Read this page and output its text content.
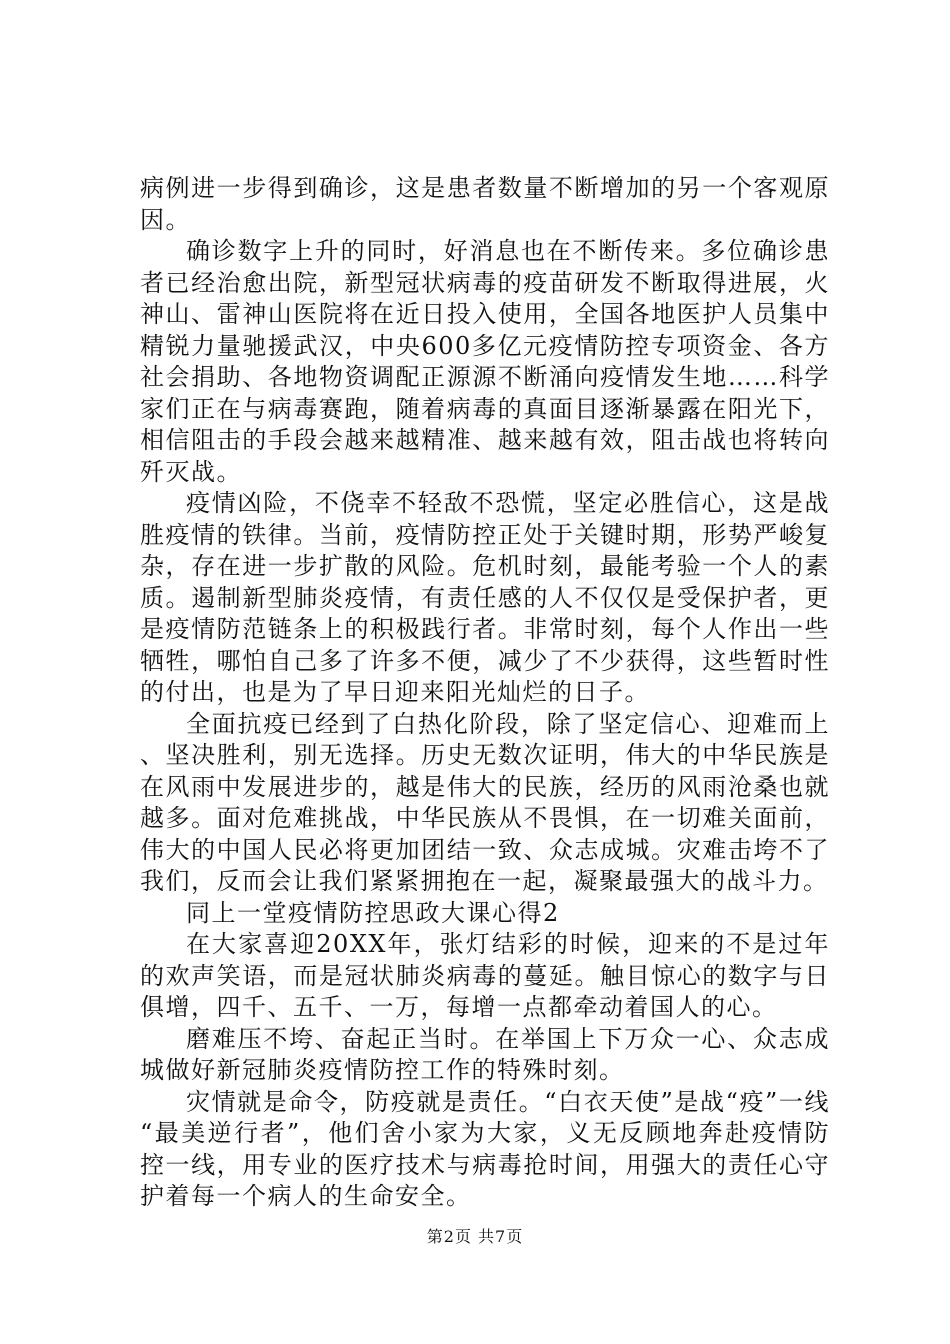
病例进一步得到确诊，这是患者数量不断增加的另一个客观原因。

确诊数字上升的同时，好消息也在不断传来。多位确诊患者已经治愈出院，新型冠状病毒的疫苗研发不断取得进展，火神山、雷神山医院将在近日投入使用，全国各地医护人员集中精锐力量驰援武汉，中央600多亿元疫情防控专项资金、各方社会捐助、各地物资调配正源源不断涌向疫情发生地……科学家们正在与病毒赛跑，随着病毒的真面目逐渐暴露在阳光下，相信阻击的手段会越来越精准、越来越有效，阻击战也将转向歼灭战。

疫情凶险，不侥幸不轻敌不恐慌，坚定必胜信心，这是战胜疫情的铁律。当前，疫情防控正处于关键时期，形势严峻复杂，存在进一步扩散的风险。危机时刻，最能考验一个人的素质。遏制新型肺炎疫情，有责任感的人不仅仅是受保护者，更是疫情防范链条上的积极践行者。非常时刻，每个人作出一些牺牲，哪怕自己多了许多不便，减少了不少获得，这些暂时性的付出，也是为了早日迎来阳光灿烂的日子。

全面抗疫已经到了白热化阶段，除了坚定信心、迎难而上、坚决胜利，别无选择。历史无数次证明，伟大的中华民族是在风雨中发展进步的，越是伟大的民族，经历的风雨沧桑也就越多。面对危难挑战，中华民族从不畏惧，在一切难关面前，伟大的中国人民必将更加团结一致、众志成城。灾难击垮不了我们，反而会让我们紧紧拥抱在一起，凝聚最强大的战斗力。

同上一堂疫情防控思政大课心得2

在大家喜迎20XX年，张灯结彩的时候，迎来的不是过年的欢声笑语，而是冠状肺炎病毒的蔓延。触目惊心的数字与日俱增，四千、五千、一万，每增一点都牵动着国人的心。

磨难压不垮、奋起正当时。在举国上下万众一心、众志成城做好新冠肺炎疫情防控工作的特殊时刻。

灾情就是命令，防疫就是责任。“白衣天使”是战“疫”一线“最美逆行者”，他们舍小家为大家，义无反顾地奔赴疫情防控一线，用专业的医疗技术与病毒抢时间，用强大的责任心守护着每一个病人的生命安全。

第2页 共7页
